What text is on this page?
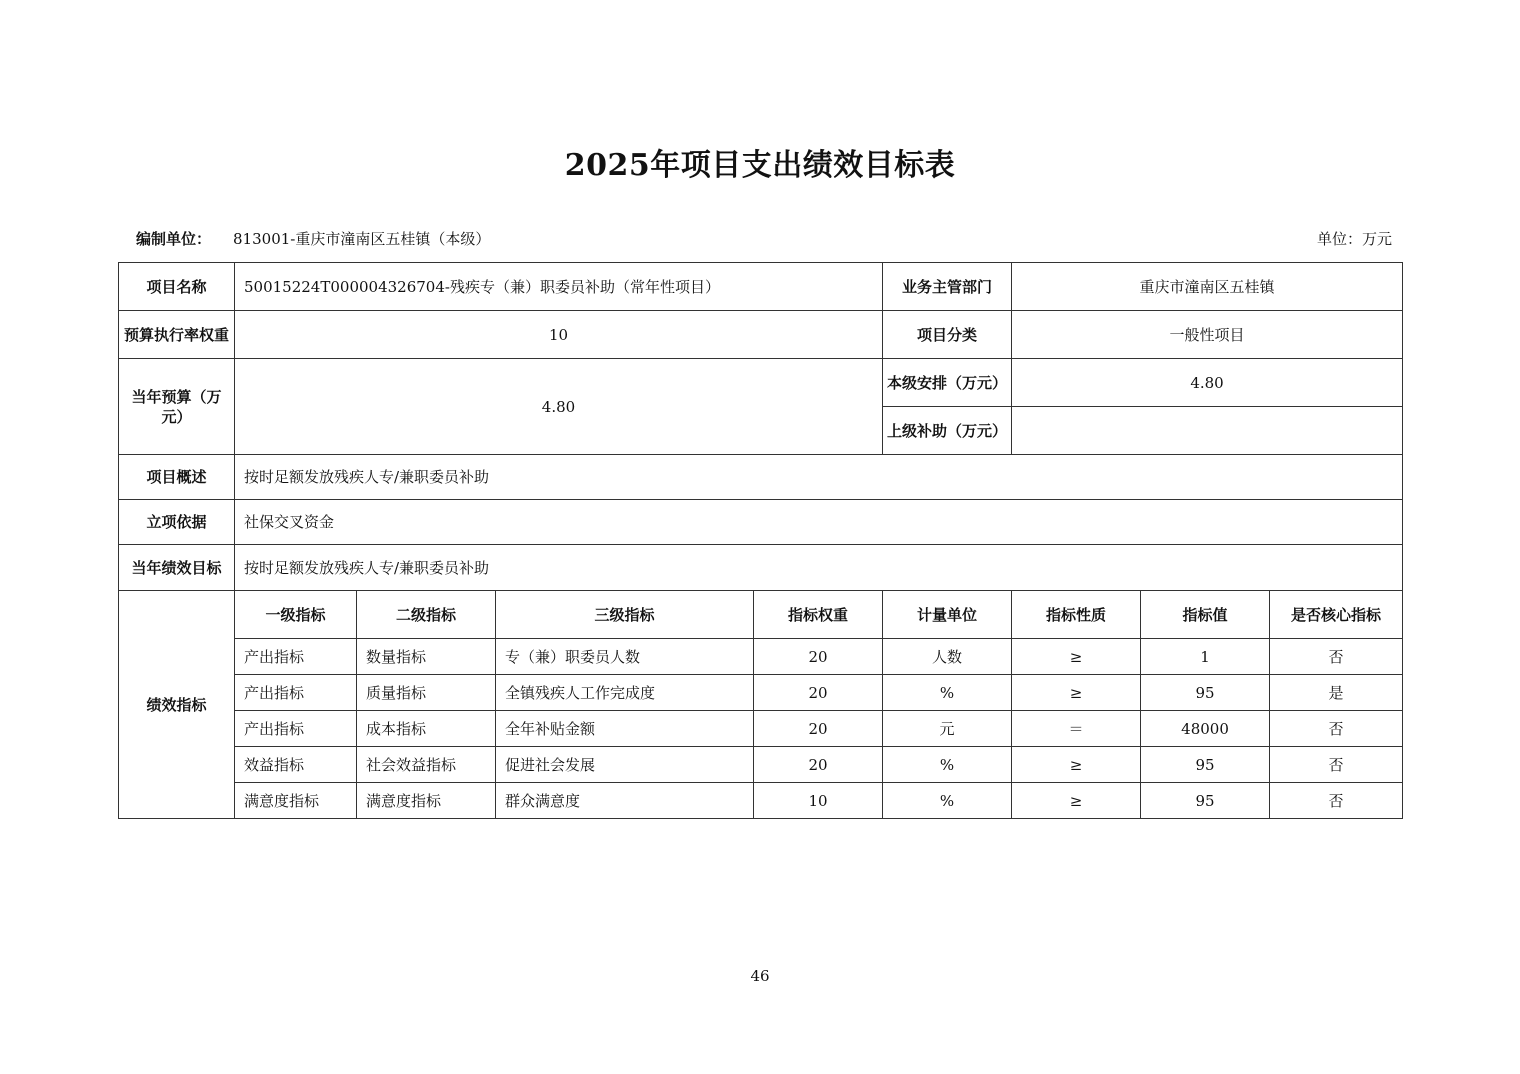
2025年项目支出绩效目标表
编制单位： 813001-重庆市潼南区五桂镇（本级）	单位：万元
项目名称	50015224T000004326704-残疾专（兼）职委员补助（常年性项目）				业务主管部门	重庆市潼南区五桂镇		
预算执行率权重	10				项目分类	一般性项目		
当年预算（万元）	4.80				本级安排（万元）	4.80		
					上级补助（万元）			
项目概述	按时足额发放残疾人专/兼职委员补助							
立项依据	社保交叉资金							
当年绩效目标	按时足额发放残疾人专/兼职委员补助							
绩效指标	一级指标	二级指标	三级指标	指标权重	计量单位	指标性质	指标值	是否核心指标
	产出指标	数量指标	专（兼）职委员人数	20	人数	≥	1	否
	产出指标	质量指标	全镇残疾人工作完成度	20	%	≥	95	是
	产出指标	成本指标	全年补贴金额	20	元	＝	48000	否
	效益指标	社会效益指标	促进社会发展	20	%	≥	95	否
	满意度指标	满意度指标	群众满意度	10	%	≥	95	否
46
